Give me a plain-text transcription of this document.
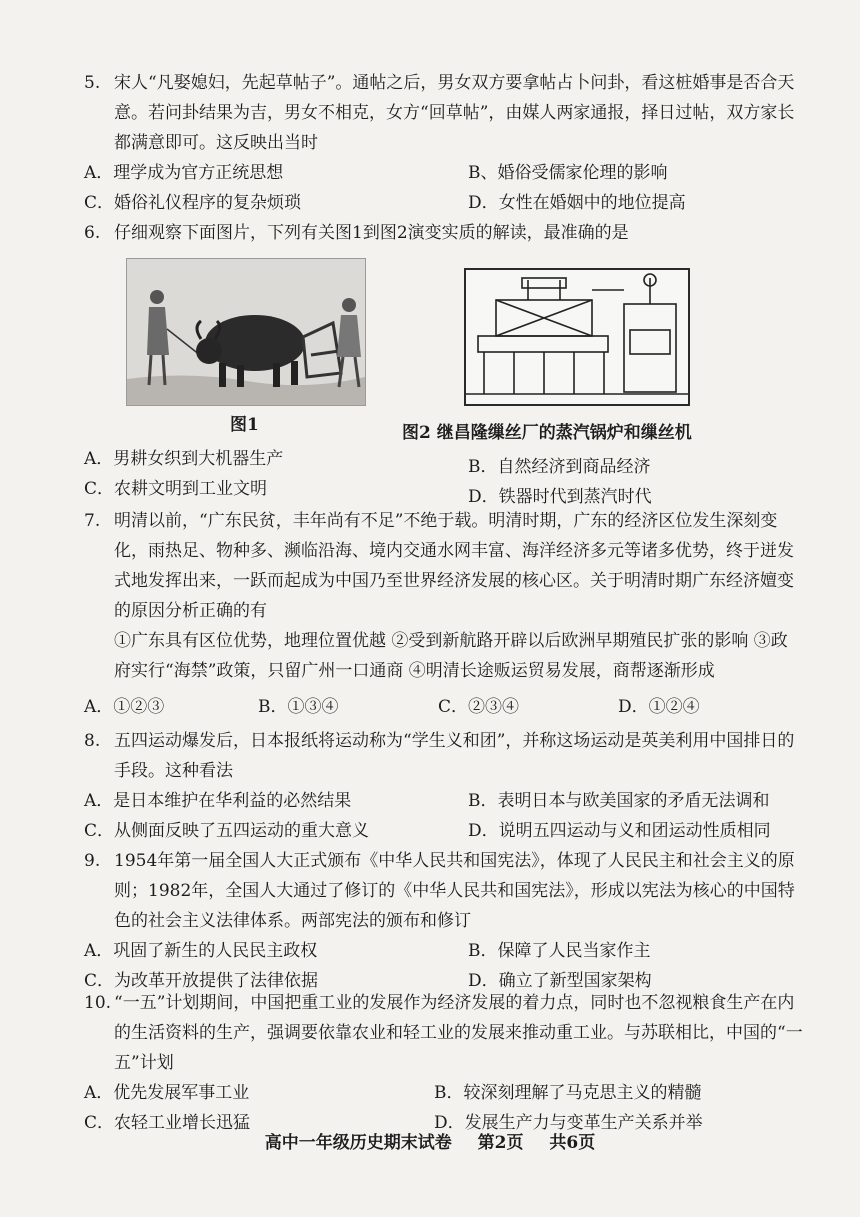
5. 宋人“凡娶媳妇，先起草帖子”。通帖之后，男女双方要拿帖占卜问卦，看这桩婚事是否合天意。若问卦结果为吉，男女不相克，女方“回草帖”，由媒人两家通报，择日过帖，双方家长都满意即可。这反映出当时

A．理学成为官方正统思想	B、婚俗受儒家伦理的影响
C．婚俗礼仪程序的复杂烦琐	D．女性在婚姻中的地位提高

6. 仔细观察下面图片，下列有关图1到图2演变实质的解读，最准确的是

图1	图2 继昌隆缫丝厂的蒸汽锅炉和缫丝机
A．男耕女织到大机器生产	B．自然经济到商品经济
C．农耕文明到工业文明	D．铁器时代到蒸汽时代

7. 明清以前，“广东民贫，丰年尚有不足”不绝于载。明清时期，广东的经济区位发生深刻变化，雨热足、物种多、濒临沿海、境内交通水网丰富、海洋经济多元等诸多优势，终于迸发式地发挥出来，一跃而起成为中国乃至世界经济发展的核心区。关于明清时期广东经济嬗变的原因分析正确的有

①广东具有区位优势，地理位置优越 ②受到新航路开辟以后欧洲早期殖民扩张的影响 ③政府实行“海禁”政策，只留广州一口通商 ④明清长途贩运贸易发展，商帮逐渐形成

A．①②③	B．①③④	C．②③④	D．①②④

8. 五四运动爆发后，日本报纸将运动称为“学生义和团”，并称这场运动是英美利用中国排日的手段。这种看法

A．是日本维护在华利益的必然结果	B．表明日本与欧美国家的矛盾无法调和
C．从侧面反映了五四运动的重大意义	D．说明五四运动与义和团运动性质相同

9. 1954年第一届全国人大正式颁布《中华人民共和国宪法》，体现了人民民主和社会主义的原则；1982年，全国人大通过了修订的《中华人民共和国宪法》，形成以宪法为核心的中国特色的社会主义法律体系。两部宪法的颁布和修订

A．巩固了新生的人民民主政权	B．保障了人民当家作主
C．为改革开放提供了法律依据	D．确立了新型国家架构

10. “一五”计划期间，中国把重工业的发展作为经济发展的着力点，同时也不忽视粮食生产在内的生活资料的生产，强调要依靠农业和轻工业的发展来推动重工业。与苏联相比，中国的“一五”计划

A．优先发展军事工业	B．较深刻理解了马克思主义的精髓
C．农轻工业增长迅猛	D．发展生产力与变革生产关系并举
高中一年级历史期末试卷 第2页 共6页
